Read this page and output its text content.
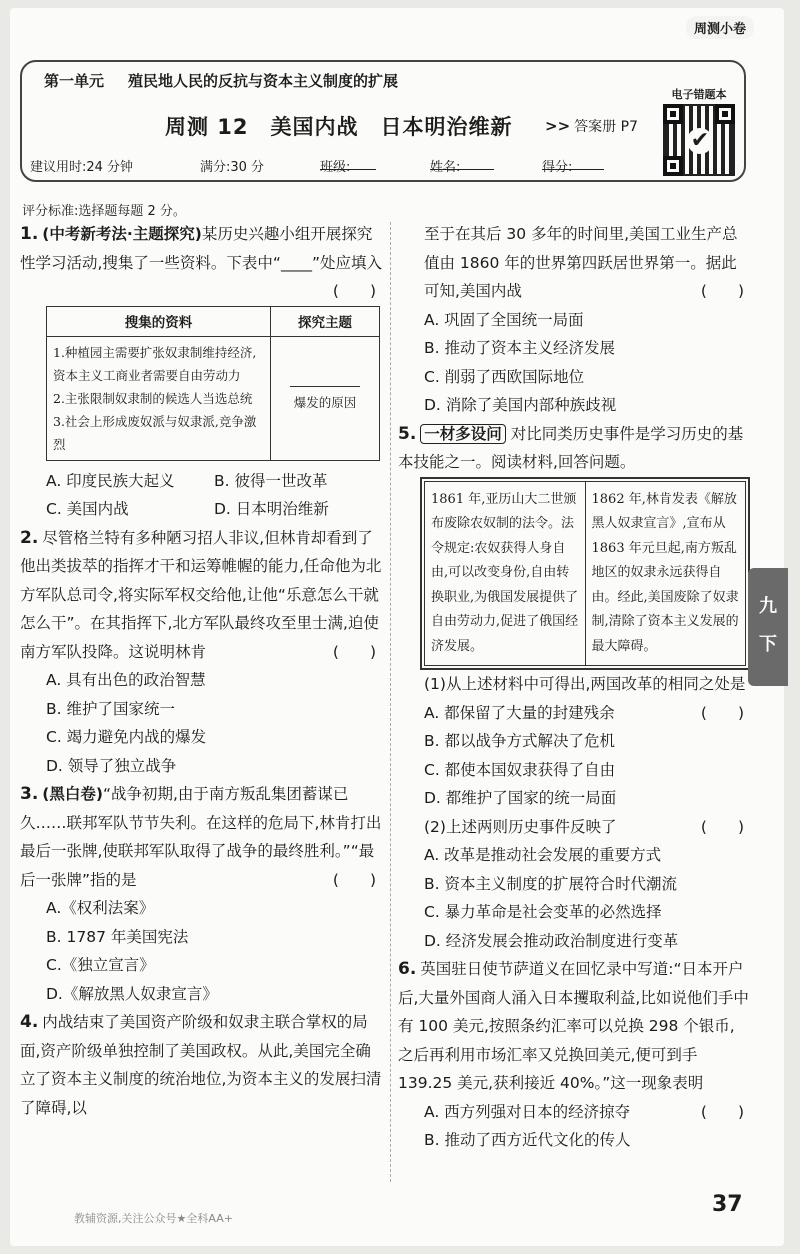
周测小卷
第一单元 殖民地人民的反抗与资本主义制度的扩展
周测 12　美国内战　日本明治维新 >> 答案册 P7
电子错题本
✔
建议用时:24 分钟	满分:30 分	班级:	姓名:	得分:
评分标准:选择题每题 2 分。
1. (中考新考法·主题探究)某历史兴趣小组开展探究性学习活动,搜集了一些资料。下表中“____”处应填入
(　　)
搜集的资料	探究主题

1.种植园主需要扩张奴隶制维持经济,资本主义工商业者需要自由劳动力
2.主张限制奴隶制的候选人当选总统
3.社会上形成废奴派与奴隶派,竞争激烈	爆发的原因
A. 印度民族大起义	B. 彼得一世改革
C. 美国内战	D. 日本明治维新
2. 尽管格兰特有多种陋习招人非议,但林肯却看到了他出类拔萃的指挥才干和运筹帷幄的能力,任命他为北方军队总司令,将实际军权交给他,让他“乐意怎么干就怎么干”。在其指挥下,北方军队最终攻至里士满,迫使南方军队投降。这说明林肯	(　　)
A. 具有出色的政治智慧
B. 维护了国家统一
C. 竭力避免内战的爆发
D. 领导了独立战争
3. (黑白卷)“战争初期,由于南方叛乱集团蓄谋已久……联邦军队节节失利。在这样的危局下,林肯打出最后一张牌,使联邦军队取得了战争的最终胜利。”“最后一张牌”指的是	(　　)
A.《权利法案》
B. 1787 年美国宪法
C.《独立宣言》
D.《解放黑人奴隶宣言》
4. 内战结束了美国资产阶级和奴隶主联合掌权的局面,资产阶级单独控制了美国政权。从此,美国完全确立了资本主义制度的统治地位,为资本主义的发展扫清了障碍,以
至于在其后 30 多年的时间里,美国工业生产总值由 1860 年的世界第四跃居世界第一。据此可知,美国内战	(　　)
A. 巩固了全国统一局面
B. 推动了资本主义经济发展
C. 削弱了西欧国际地位
D. 消除了美国内部种族歧视
5. 一材多设问 对比同类历史事件是学习历史的基本技能之一。阅读材料,回答问题。
1861 年,亚历山大二世颁布废除农奴制的法令。法令规定:农奴获得人身自由,可以改变身份,自由转换职业,为俄国发展提供了自由劳动力,促进了俄国经济发展。	1862 年,林肯发表《解放黑人奴隶宣言》,宣布从 1863 年元旦起,南方叛乱地区的奴隶永远获得自由。经此,美国废除了奴隶制,清除了资本主义发展的最大障碍。
(1)从上述材料中可得出,两国改革的相同之处是
(　　)
A. 都保留了大量的封建残余
B. 都以战争方式解决了危机
C. 都使本国奴隶获得了自由
D. 都维护了国家的统一局面
(2)上述两则历史事件反映了	(　　)
A. 改革是推动社会发展的重要方式
B. 资本主义制度的扩展符合时代潮流
C. 暴力革命是社会变革的必然选择
D. 经济发展会推动政治制度进行变革
6. 英国驻日使节萨道义在回忆录中写道:“日本开户后,大量外国商人涌入日本攫取利益,比如说他们手中有 100 美元,按照条约汇率可以兑换 298 个银币,之后再利用市场汇率又兑换回美元,便可到手 139.25 美元,获利接近 40%。”这一现象表明
(　　)
A. 西方列强对日本的经济掠夺
B. 推动了西方近代文化的传人
九
下
37
教辅资源,关注公众号★全科AA+
